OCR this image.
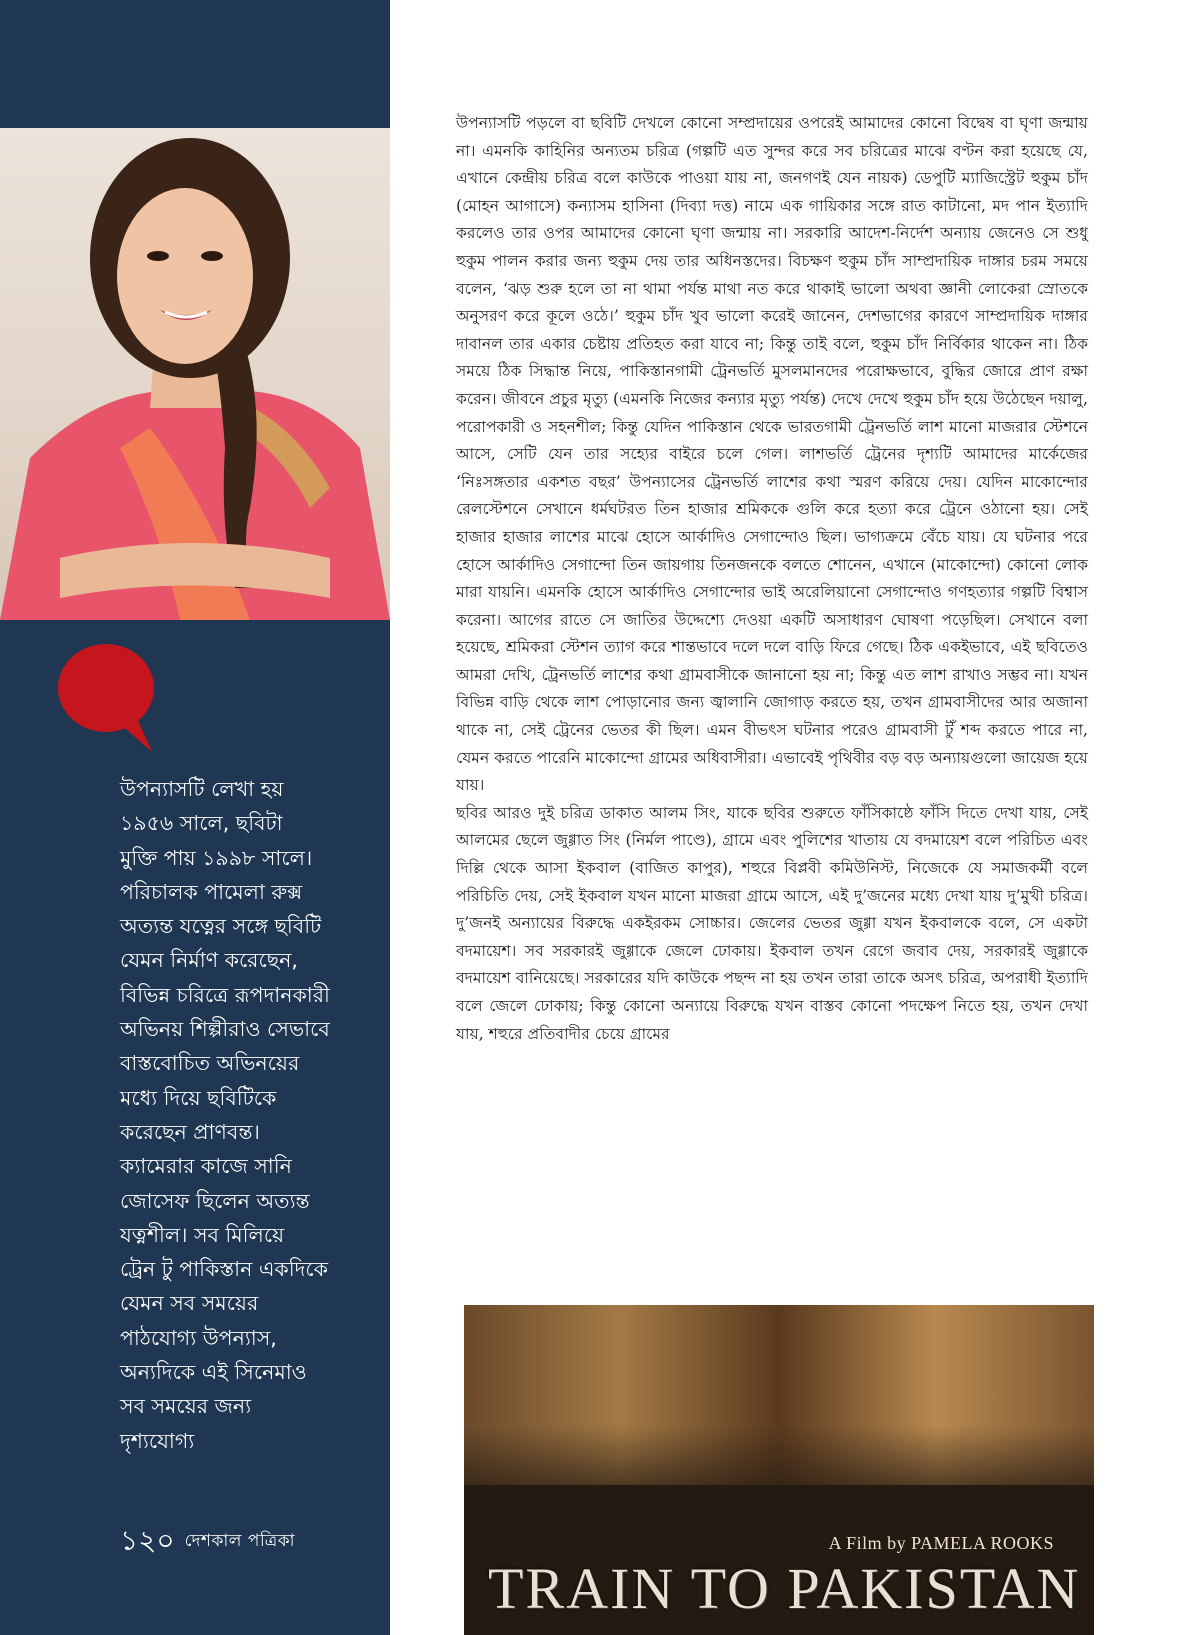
উপন্যাসটি লেখা হয়
১৯৫৬ সালে, ছবিটা
মুক্তি পায় ১৯৯৮ সালে।
পরিচালক পামেলা রুক্স
অত্যন্ত যত্নের সঙ্গে ছবিটি
যেমন নির্মাণ করেছেন,
বিভিন্ন চরিত্রে রূপদানকারী
অভিনয় শিল্পীরাও সেভাবে
বাস্তবোচিত অভিনয়ের
মধ্যে দিয়ে ছবিটিকে
করেছেন প্রাণবন্ত।
ক্যামেরার কাজে সানি
জোসেফ ছিলেন অত্যন্ত
যত্নশীল। সব মিলিয়ে
ট্রেন টু পাকিস্তান একদিকে
যেমন সব সময়ের
পাঠযোগ্য উপন্যাস,
অন্যদিকে এই সিনেমাও
সব সময়ের জন্য
দৃশ্যযোগ্য
১২০ দেশকাল পত্রিকা

উপন্যাসটি পড়লে বা ছবিটি দেখলে কোনো সম্প্রদায়ের ওপরেই আমাদের কোনো বিদ্বেষ বা ঘৃণা জন্মায় না। এমনকি কাহিনির অন্যতম চরিত্র (গল্পটি এত সুন্দর করে সব চরিত্রের মাঝে বণ্টন করা হয়েছে যে, এখানে কেন্দ্রীয় চরিত্র বলে কাউকে পাওয়া যায় না, জনগণই যেন নায়ক) ডেপুটি ম্যাজিস্ট্রেট হুকুম চাঁদ (মোহন আগাসে) কন্যাসম হাসিনা (দিব্যা দত্ত) নামে এক গায়িকার সঙ্গে রাত কাটানো, মদ পান ইত্যাদি করলেও তার ওপর আমাদের কোনো ঘৃণা জন্মায় না। সরকারি আদেশ-নির্দেশ অন্যায় জেনেও সে শুধু হুকুম পালন করার জন্য হুকুম দেয় তার অধিনস্তদের। বিচক্ষণ হুকুম চাঁদ সাম্প্রদায়িক দাঙ্গার চরম সময়ে বলেন, ‘ঝড় শুরু হলে তা না থামা পর্যন্ত মাথা নত করে থাকাই ভালো অথবা জ্ঞানী লোকেরা স্রোতকে অনুসরণ করে কূলে ওঠে।’ হুকুম চাঁদ খুব ভালো করেই জানেন, দেশভাগের কারণে সাম্প্রদায়িক দাঙ্গার দাবানল তার একার চেষ্টায় প্রতিহত করা যাবে না; কিন্তু তাই বলে, হুকুম চাঁদ নির্বিকার থাকেন না। ঠিক সময়ে ঠিক সিদ্ধান্ত নিয়ে, পাকিস্তানগামী ট্রেনভর্তি মুসলমানদের পরোক্ষভাবে, বুদ্ধির জোরে প্রাণ রক্ষা করেন। জীবনে প্রচুর মৃত্যু (এমনকি নিজের কন্যার মৃত্যু পর্যন্ত) দেখে দেখে হুকুম চাঁদ হয়ে উঠেছেন দয়ালু, পরোপকারী ও সহনশীল; কিন্তু যেদিন পাকিস্তান থেকে ভারতগামী ট্রেনভর্তি লাশ মানো মাজরার স্টেশনে আসে, সেটি যেন তার সহ্যের বাইরে চলে গেল। লাশভর্তি ট্রেনের দৃশ্যটি আমাদের মার্কেজের ‘নিঃসঙ্গতার একশত বছর’ উপন্যাসের ট্রেনভর্তি লাশের কথা স্মরণ করিয়ে দেয়। যেদিন মাকোন্দোর রেলস্টেশনে সেখানে ধর্মঘটরত তিন হাজার শ্রমিককে গুলি করে হত্যা করে ট্রেনে ওঠানো হয়। সেই হাজার হাজার লাশের মাঝে হোসে আর্কাদিও সেগান্দোও ছিল। ভাগ্যক্রমে বেঁচে যায়। যে ঘটনার পরে হোসে আর্কাদিও সেগান্দো তিন জায়গায় তিনজনকে বলতে শোনেন, এখানে (মাকোন্দো) কোনো লোক মারা যায়নি। এমনকি হোসে আর্কাদিও সেগান্দোর ভাই অরেলিয়ানো সেগান্দোও গণহত্যার গল্পটি বিশ্বাস করেনা। আগের রাতে সে জাতির উদ্দেশ্যে দেওয়া একটি অসাধারণ ঘোষণা পড়েছিল। সেখানে বলা হয়েছে, শ্রমিকরা স্টেশন ত্যাগ করে শান্তভাবে দলে দলে বাড়ি ফিরে গেছে। ঠিক একইভাবে, এই ছবিতেও আমরা দেখি, ট্রেনভর্তি লাশের কথা গ্রামবাসীকে জানানো হয় না; কিন্তু এত লাশ রাখাও সম্ভব না। যখন বিভিন্ন বাড়ি থেকে লাশ পোড়ানোর জন্য জ্বালানি জোগাড় করতে হয়, তখন গ্রামবাসীদের আর অজানা থাকে না, সেই ট্রেনের ভেতর কী ছিল। এমন বীভৎস ঘটনার পরেও গ্রামবাসী টুঁ শব্দ করতে পারে না, যেমন করতে পারেনি মাকোন্দো গ্রামের অধিবাসীরা। এভাবেই পৃথিবীর বড় বড় অন্যায়গুলো জায়েজ হয়ে যায়।

ছবির আরও দুই চরিত্র ডাকাত আলম সিং, যাকে ছবির শুরুতে ফাঁসিকাষ্ঠে ফাঁসি দিতে দেখা যায়, সেই আলমের ছেলে জুগ্গাত সিং (নির্মল পাণ্ডে), গ্রামে এবং পুলিশের খাতায় যে বদমায়েশ বলে পরিচিত এবং দিল্লি থেকে আসা ইকবাল (বাজিত কাপুর), শহুরে বিপ্লবী কমিউনিস্ট, নিজেকে যে সমাজকর্মী বলে পরিচিতি দেয়, সেই ইকবাল যখন মানো মাজরা গ্রামে আসে, এই দু’জনের মধ্যে দেখা যায় দু’মুখী চরিত্র। দু’জনই অন্যায়ের বিরুদ্ধে একইরকম সোচ্চার। জেলের ভেতর জুগ্গা যখন ইকবালকে বলে, সে একটা বদমায়েশ। সব সরকারই জুগ্গাকে জেলে ঢোকায়। ইকবাল তখন রেগে জবাব দেয়, সরকারই জুগ্গাকে বদমায়েশ বানিয়েছে। সরকারের যদি কাউকে পছন্দ না হয় তখন তারা তাকে অসৎ চরিত্র, অপরাধী ইত্যাদি বলে জেলে ঢোকায়; কিন্তু কোনো অন্যায়ে বিরুদ্ধে যখন বাস্তব কোনো পদক্ষেপ নিতে হয়, তখন দেখা যায়, শহুরে প্রতিবাদীর চেয়ে গ্রামের

A Film by PAMELA ROOKS
TRAIN TO PAKISTAN
